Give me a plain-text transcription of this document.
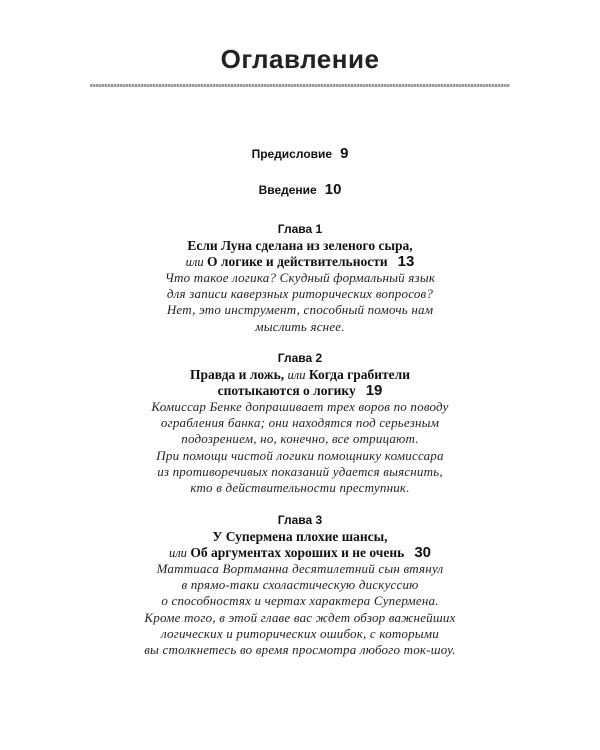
Оглавление
Предисловие 9
Введение 10
Глава 1
Если Луна сделана из зеленого сыра,
или О логике и действительности 13
Что такое логика? Скудный формальный язык
для записи каверзных риторических вопросов?
Нет, это инструмент, способный помочь нам
мыслить яснее.
Глава 2
Правда и ложь, или Когда грабители
спотыкаются о логику 19
Комиссар Бенке допрашивает трех воров по поводу
ограбления банка; они находятся под серьезным
подозрением, но, конечно, все отрицают.
При помощи чистой логики помощнику комиссара
из противоречивых показаний удается выяснить,
кто в действительности преступник.
Глава 3
У Супермена плохие шансы,
или Об аргументах хороших и не очень 30
Маттиаса Вортманна десятилетний сын втянул
в прямо-таки схоластическую дискуссию
о способностях и чертах характера Супермена.
Кроме того, в этой главе вас ждет обзор важнейших
логических и риторических ошибок, с которыми
вы столкнетесь во время просмотра любого ток-шоу.
